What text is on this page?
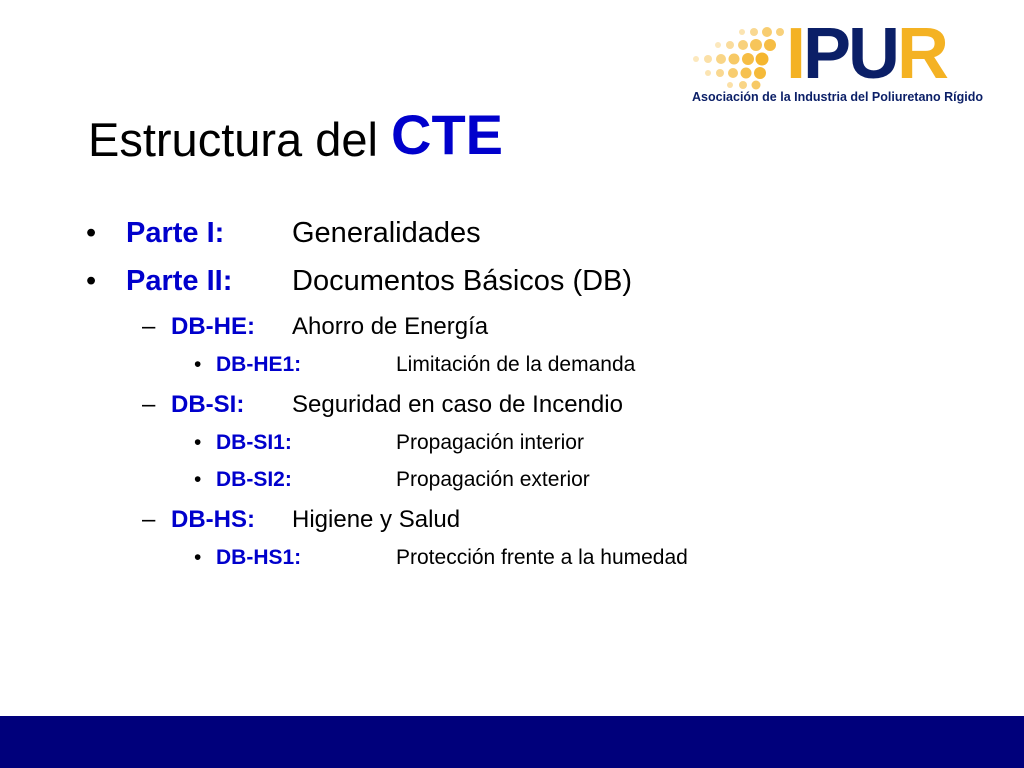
IPUR
Asociación de la Industria del Poliuretano Rígido
Estructura del CTE
• Parte I: Generalidades
• Parte II: Documentos Básicos (DB)
– DB-HE: Ahorro de Energía
• DB-HE1:	Limitación de la demanda
– DB-SI: Seguridad en caso de Incendio
• DB-SI1:	Propagación interior
• DB-SI2:	Propagación exterior
– DB-HS: Higiene y Salud
• DB-HS1:	Protección frente a la humedad
